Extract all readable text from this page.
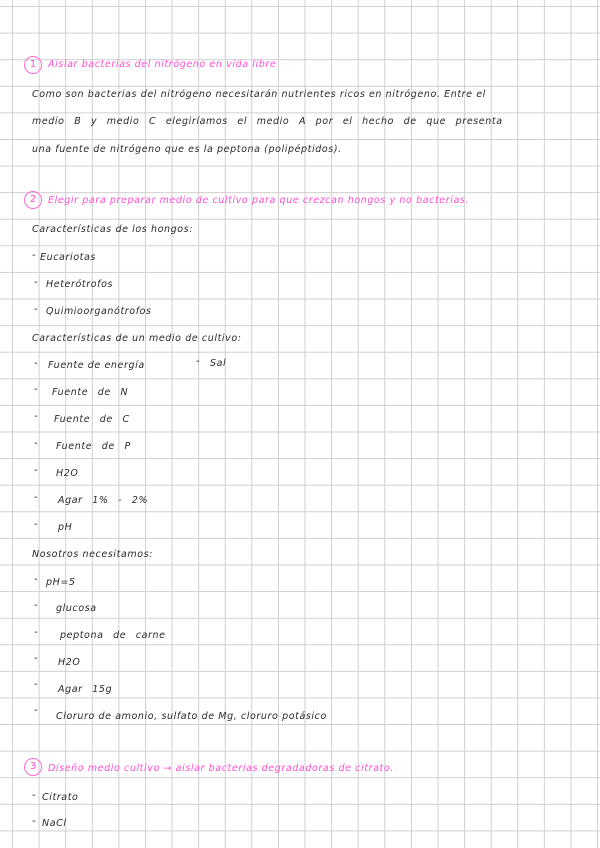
1	Aislar bacterias del nitrógeno en vida libre
Como son bacterias del nitrógeno necesitarán nutrientes ricos en nitrógeno. Entre el
medio B y medio C elegiríamos el medio A por el hecho de que presenta
una fuente de nitrógeno que es la peptona (polipéptidos).
2	Elegir para preparar medio de cultivo para que crezcan hongos y no bacterias.
Características de los hongos:
- Eucariotas
- Heterótrofos
- Quimioorganótrofos
Características de un medio de cultivo:
- Fuente de energía	- Sal
- Fuente de N
- Fuente de C
- Fuente de P
- H2O
- Agar 1% - 2%
- pH
Nosotros necesitamos:
- pH=5
- glucosa
- peptona de carne
- H2O
- Agar 15g
-
Cloruro de amonio, sulfato de Mg, cloruro potásico
3	Diseño medio cultivo → aislar bacterias degradadoras de citrato.
- Citrato
- NaCl
